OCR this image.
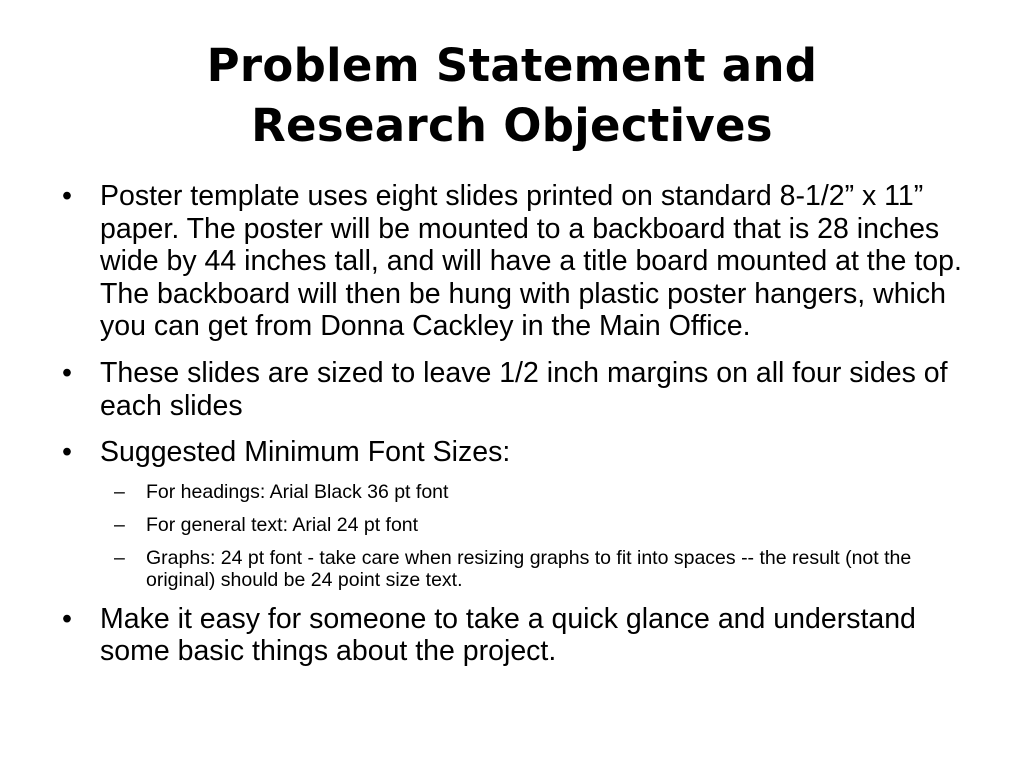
Problem Statement and
Research Objectives
• Poster template uses eight slides printed on standard 8-1/2” x 11” paper. The poster will be mounted to a backboard that is 28 inches wide by 44 inches tall, and will have a title board mounted at the top. The backboard will then be hung with plastic poster hangers, which you can get from Donna Cackley in the Main Office.
• These slides are sized to leave 1/2 inch margins on all four sides of each slides
• Suggested Minimum Font Sizes:
– For headings: Arial Black 36 pt font
– For general text: Arial 24 pt font
– Graphs: 24 pt font - take care when resizing graphs to fit into spaces -- the result (not the original) should be 24 point size text.
• Make it easy for someone to take a quick glance and understand some basic things about the project.
